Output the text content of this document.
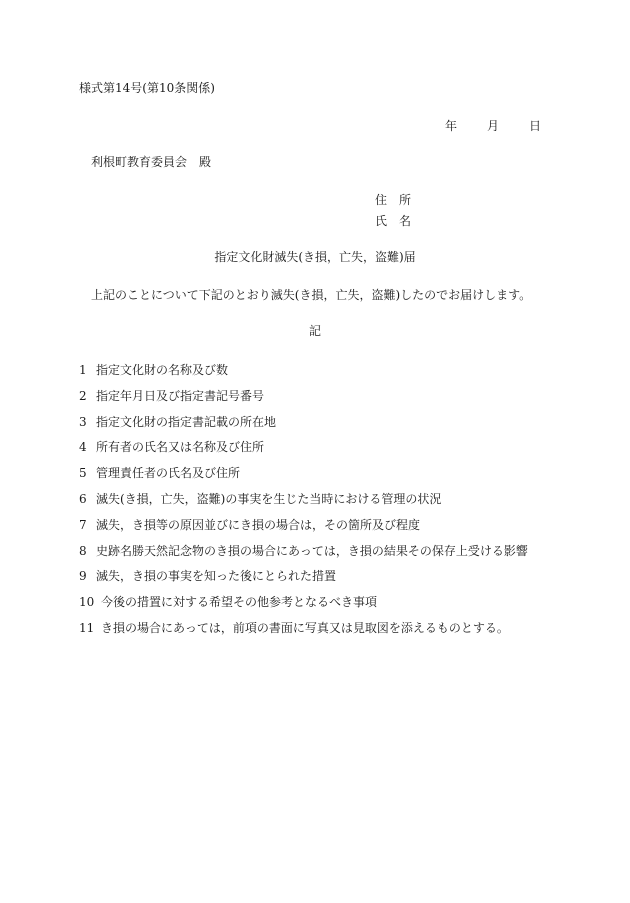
様式第14号(第10条関係)
年	月	日
利根町教育委員会　殿
住 所
氏 名
指定文化財滅失(き損，亡失，盗難)届
上記のことについて下記のとおり滅失(き損，亡失，盗難)したのでお届けします。
記
1 指定文化財の名称及び数
2 指定年月日及び指定書記号番号
3 指定文化財の指定書記載の所在地
4 所有者の氏名又は名称及び住所
5 管理責任者の氏名及び住所
6 滅失(き損，亡失，盗難)の事実を生じた当時における管理の状況
7 滅失，き損等の原因並びにき損の場合は，その箇所及び程度
8 史跡名勝天然記念物のき損の場合にあっては，き損の結果その保存上受ける影響
9 滅失，き損の事実を知った後にとられた措置
10 今後の措置に対する希望その他参考となるべき事項
11 き損の場合にあっては，前項の書面に写真又は見取図を添えるものとする。
